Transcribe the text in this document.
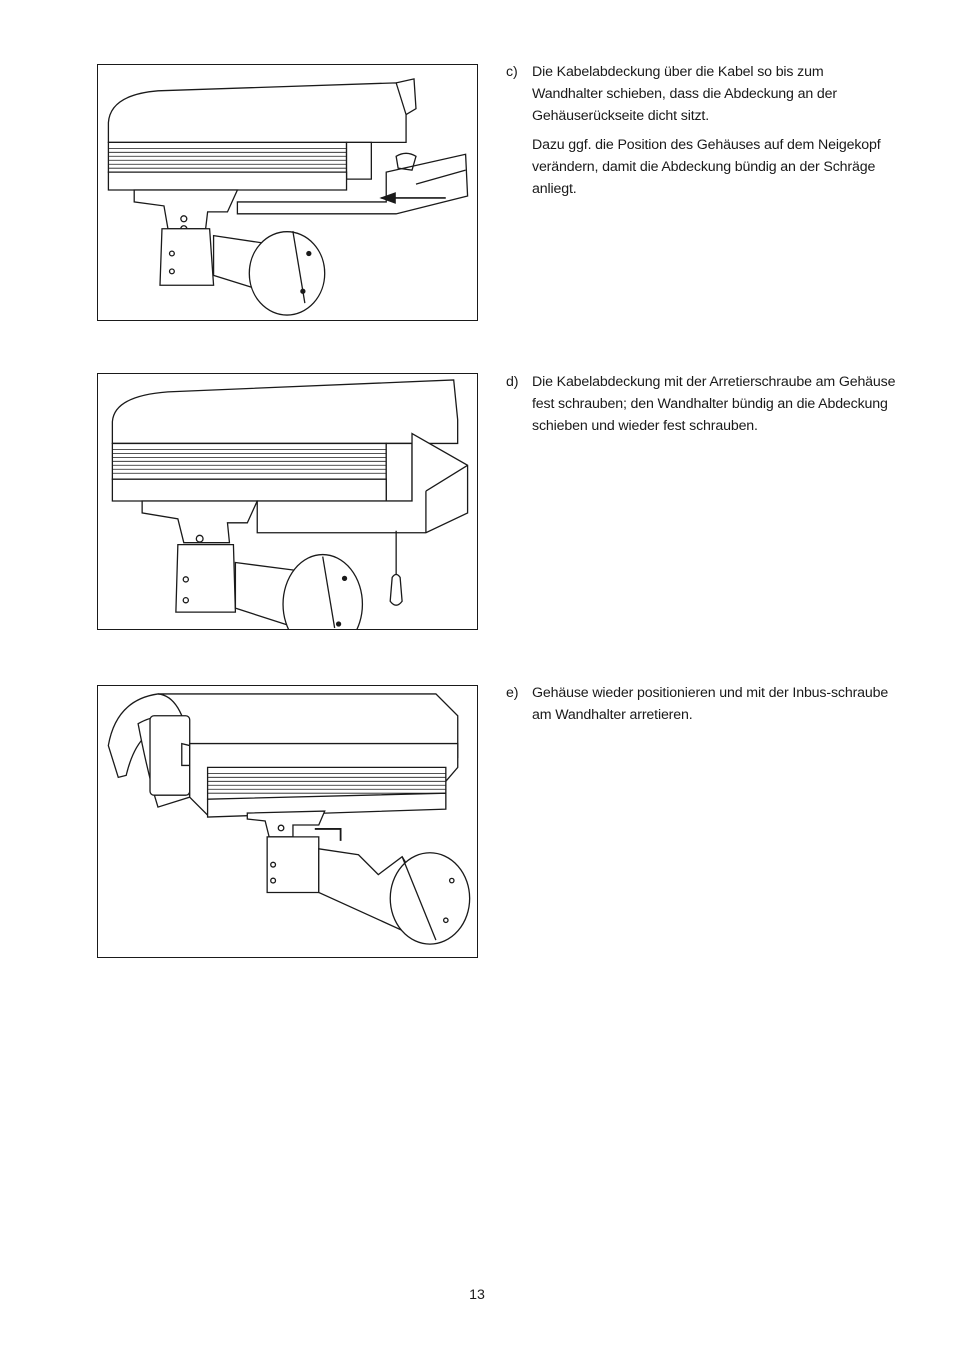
c)	Die Kabelabdeckung über die Kabel so bis zum Wandhalter schieben, dass die Abdeckung an der Gehäuserückseite dicht sitzt.

Dazu ggf. die Position des Gehäuses auf dem Neigekopf verändern, damit die Abdeckung bündig an der Schräge anliegt.

d) Die Kabelabdeckung mit der Arretierschraube am Gehäuse fest schrauben; den Wandhalter bündig an die Abdeckung schieben und wieder fest schrauben.

e) Gehäuse wieder positionieren und mit der Inbus-schraube am Wandhalter arretieren.

13
